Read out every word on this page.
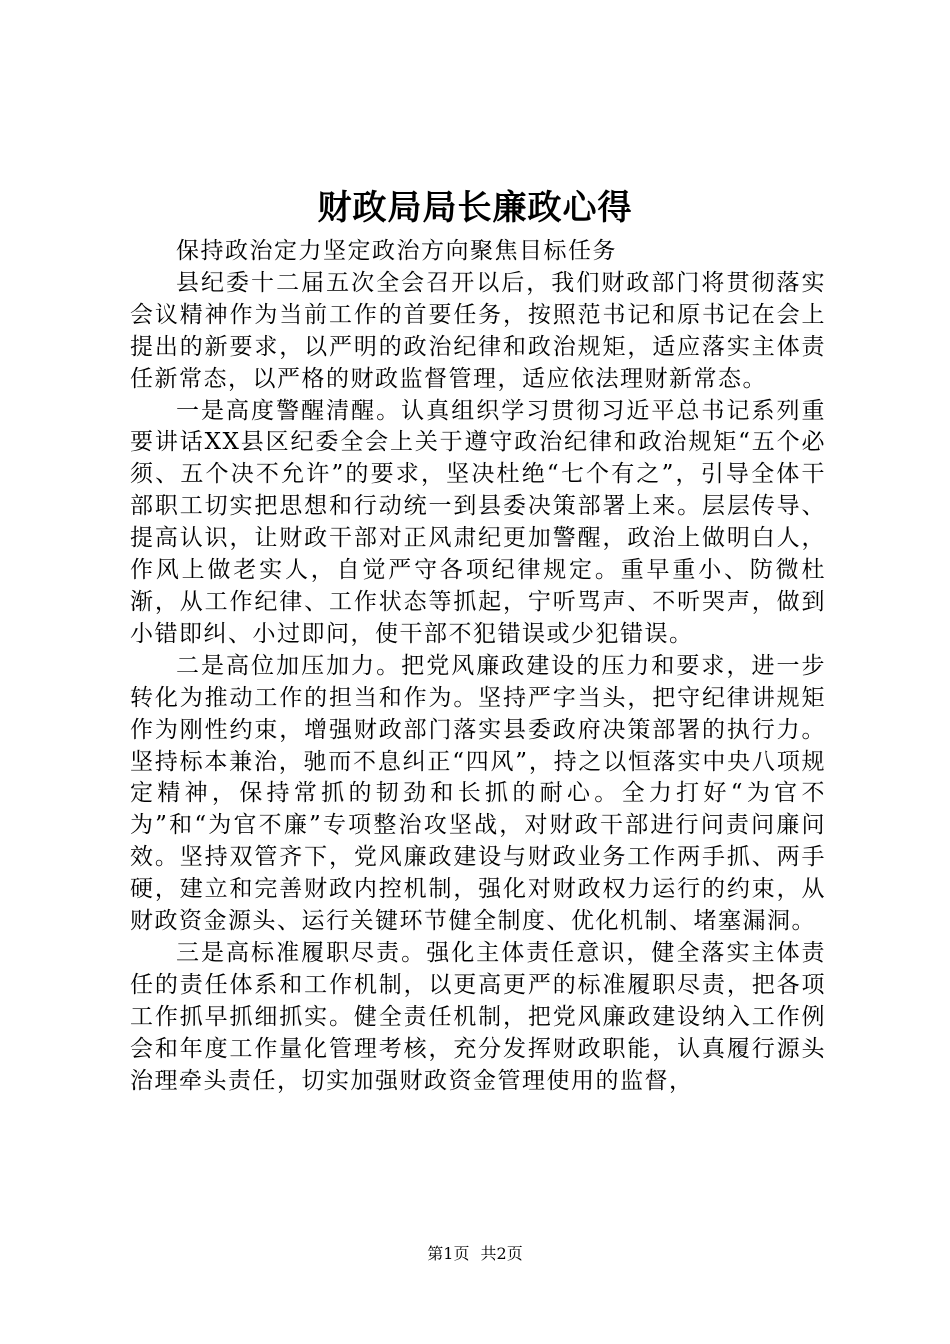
财政局局长廉政心得

保持政治定力坚定政治方向聚焦目标任务

县纪委十二届五次全会召开以后，我们财政部门将贯彻落实会议精神作为当前工作的首要任务，按照范书记和原书记在会上提出的新要求，以严明的政治纪律和政治规矩，适应落实主体责任新常态，以严格的财政监督管理，适应依法理财新常态。

一是高度警醒清醒。认真组织学习贯彻习近平总书记系列重要讲话XX县区纪委全会上关于遵守政治纪律和政治规矩“五个必须、五个决不允许”的要求，坚决杜绝“七个有之”，引导全体干部职工切实把思想和行动统一到县委决策部署上来。层层传导、提高认识，让财政干部对正风肃纪更加警醒，政治上做明白人，作风上做老实人，自觉严守各项纪律规定。重早重小、防微杜渐，从工作纪律、工作状态等抓起，宁听骂声、不听哭声，做到小错即纠、小过即问，使干部不犯错误或少犯错误。

二是高位加压加力。把党风廉政建设的压力和要求，进一步转化为推动工作的担当和作为。坚持严字当头，把守纪律讲规矩作为刚性约束，增强财政部门落实县委政府决策部署的执行力。坚持标本兼治，驰而不息纠正“四风”，持之以恒落实中央八项规定精神，保持常抓的韧劲和长抓的耐心。全力打好“为官不为”和“为官不廉”专项整治攻坚战，对财政干部进行问责问廉问效。坚持双管齐下，党风廉政建设与财政业务工作两手抓、两手硬，建立和完善财政内控机制，强化对财政权力运行的约束，从财政资金源头、运行关键环节健全制度、优化机制、堵塞漏洞。

三是高标准履职尽责。强化主体责任意识，健全落实主体责任的责任体系和工作机制，以更高更严的标准履职尽责，把各项工作抓早抓细抓实。健全责任机制，把党风廉政建设纳入工作例会和年度工作量化管理考核，充分发挥财政职能，认真履行源头治理牵头责任，切实加强财政资金管理使用的监督，

第1页 共2页
